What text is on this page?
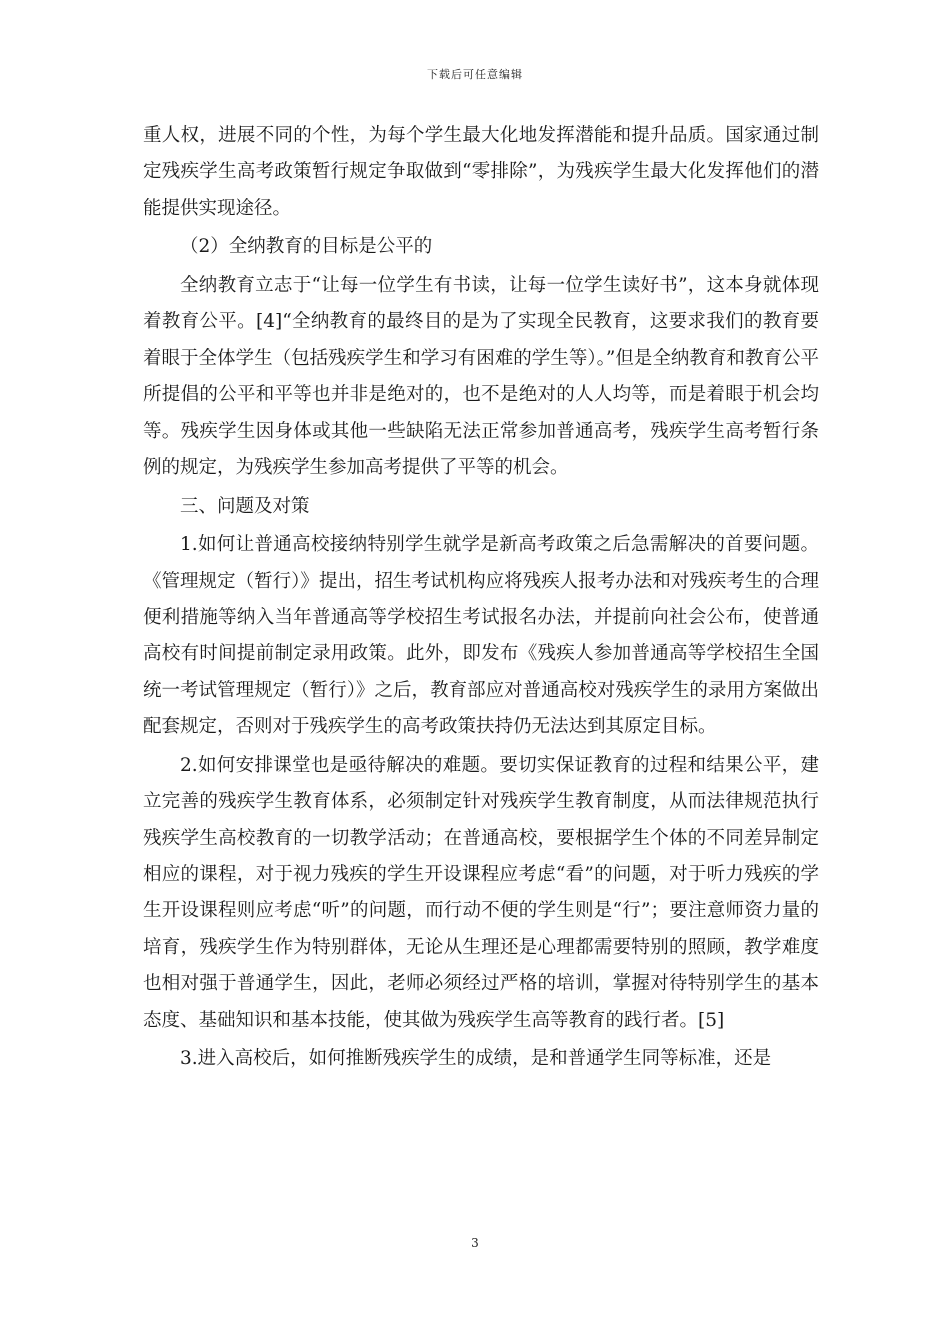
下载后可任意编辑

重人权，进展不同的个性，为每个学生最大化地发挥潜能和提升品质。国家通过制定残疾学生高考政策暂行规定争取做到“零排除”，为残疾学生最大化发挥他们的潜能提供实现途径。

（2）全纳教育的目标是公平的

全纳教育立志于“让每一位学生有书读，让每一位学生读好书”，这本身就体现着教育公平。[4]“全纳教育的最终目的是为了实现全民教育，这要求我们的教育要着眼于全体学生（包括残疾学生和学习有困难的学生等）。”但是全纳教育和教育公平所提倡的公平和平等也并非是绝对的，也不是绝对的人人均等，而是着眼于机会均等。残疾学生因身体或其他一些缺陷无法正常参加普通高考，残疾学生高考暂行条例的规定，为残疾学生参加高考提供了平等的机会。

三、问题及对策

1.如何让普通高校接纳特别学生就学是新高考政策之后急需解决的首要问题。《管理规定（暂行）》提出，招生考试机构应将残疾人报考办法和对残疾考生的合理便利措施等纳入当年普通高等学校招生考试报名办法，并提前向社会公布，使普通高校有时间提前制定录用政策。此外，即发布《残疾人参加普通高等学校招生全国统一考试管理规定（暂行）》之后，教育部应对普通高校对残疾学生的录用方案做出配套规定，否则对于残疾学生的高考政策扶持仍无法达到其原定目标。

2.如何安排课堂也是亟待解决的难题。要切实保证教育的过程和结果公平，建立完善的残疾学生教育体系，必须制定针对残疾学生教育制度，从而法律规范执行残疾学生高校教育的一切教学活动；在普通高校，要根据学生个体的不同差异制定相应的课程，对于视力残疾的学生开设课程应考虑“看”的问题，对于听力残疾的学生开设课程则应考虑“听”的问题，而行动不便的学生则是“行”；要注意师资力量的培育，残疾学生作为特别群体，无论从生理还是心理都需要特别的照顾，教学难度也相对强于普通学生，因此，老师必须经过严格的培训，掌握对待特别学生的基本态度、基础知识和基本技能，使其做为残疾学生高等教育的践行者。[5]

3.进入高校后，如何推断残疾学生的成绩，是和普通学生同等标准，还是

3
